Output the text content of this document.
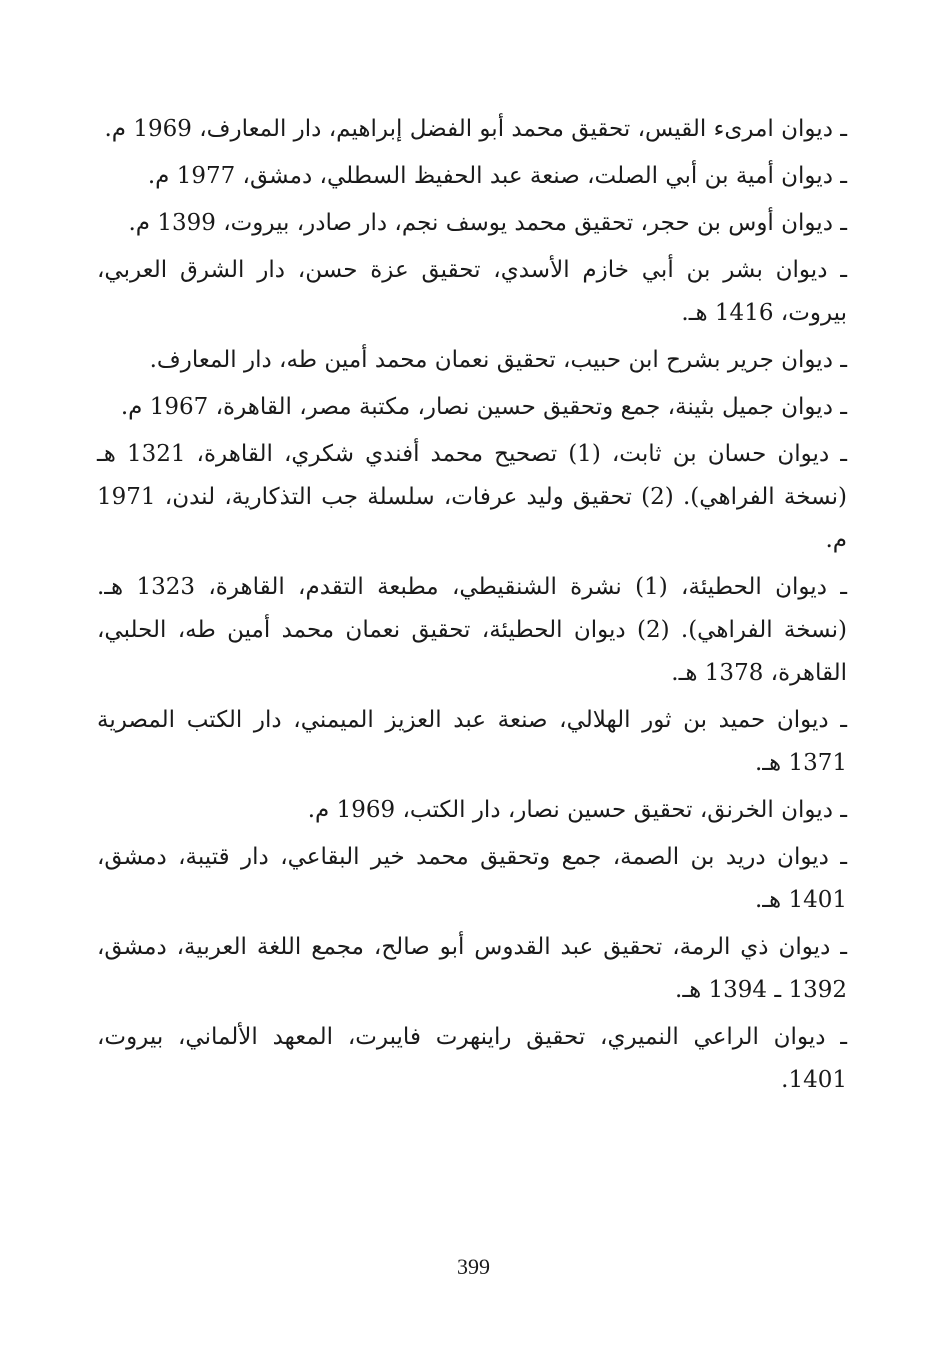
ـ ديوان امرىء القيس، تحقيق محمد أبو الفضل إبراهيم، دار المعارف، 1969 م.

ـ ديوان أمية بن أبي الصلت، صنعة عبد الحفيظ السطلي، دمشق، 1977 م.

ـ ديوان أوس بن حجر، تحقيق محمد يوسف نجم، دار صادر، بيروت، 1399 م.

ـ ديوان بشر بن أبي خازم الأسدي، تحقيق عزة حسن، دار الشرق العربي، بيروت، 1416 هـ.

ـ ديوان جرير بشرح ابن حبيب، تحقيق نعمان محمد أمين طه، دار المعارف.

ـ ديوان جميل بثينة، جمع وتحقيق حسين نصار، مكتبة مصر، القاهرة، 1967 م.

ـ ديوان حسان بن ثابت، (1) تصحيح محمد أفندي شكري، القاهرة، 1321 هـ (نسخة الفراهي). (2) تحقيق وليد عرفات، سلسلة جب التذكارية، لندن، 1971 م.

ـ ديوان الحطيئة، (1) نشرة الشنقيطي، مطبعة التقدم، القاهرة، 1323 هـ. (نسخة الفراهي). (2) ديوان الحطيئة، تحقيق نعمان محمد أمين طه، الحلبي، القاهرة، 1378 هـ.

ـ ديوان حميد بن ثور الهلالي، صنعة عبد العزيز الميمني، دار الكتب المصرية 1371 هـ.

ـ ديوان الخرنق، تحقيق حسين نصار، دار الكتب، 1969 م.

ـ ديوان دريد بن الصمة، جمع وتحقيق محمد خير البقاعي، دار قتيبة، دمشق، 1401 هـ.

ـ ديوان ذي الرمة، تحقيق عبد القدوس أبو صالح، مجمع اللغة العربية، دمشق، 1392 ـ 1394 هـ.

ـ ديوان الراعي النميري، تحقيق راينهرت فايبرت، المعهد الألماني، بيروت، 1401.

399
